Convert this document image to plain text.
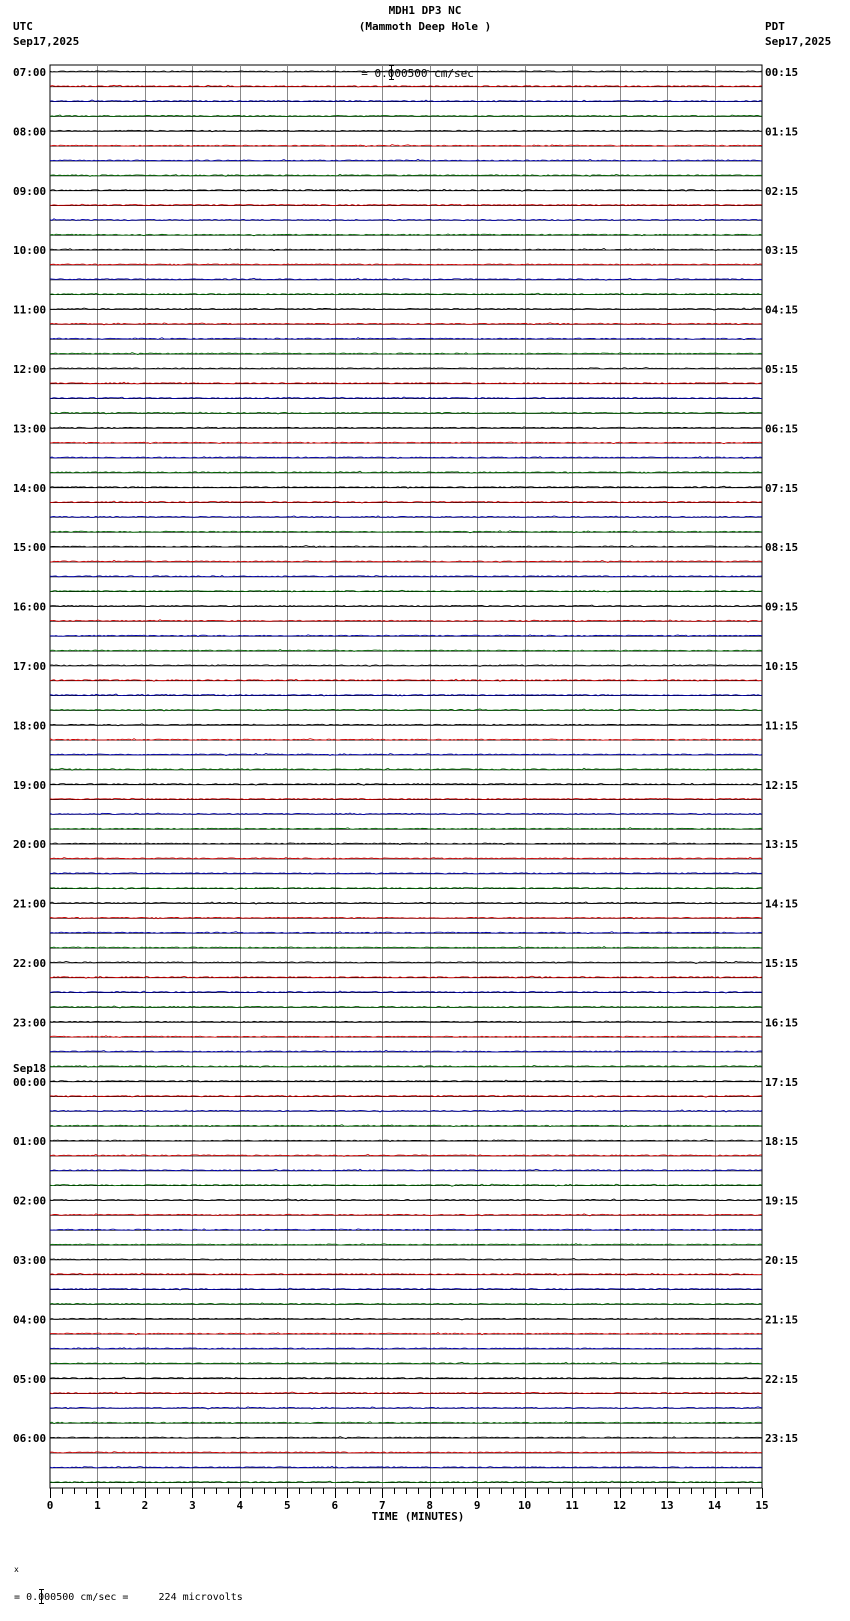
MDH1 DP3 NC
(Mammoth Deep Hole )
UTC
Sep17,2025
PDT
Sep17,2025

= 0.000500 cm/sec

07:00	00:15
08:00	01:15
09:00	02:15
10:00	03:15
11:00	04:15
12:00	05:15
13:00	06:15
14:00	07:15
15:00	08:15
16:00	09:15
17:00	10:15
18:00	11:15
19:00	12:15
20:00	13:15
21:00	14:15
22:00	15:15
23:00	16:15
00:00	17:15
01:00	18:15
02:00	19:15
03:00	20:15
04:00	21:15
05:00	22:15
06:00	23:15
Sep18
0	1	2	3	4	5	6	7	8	9	10	11	12	13	14	15
TIME (MINUTES)

x

= 0.000500 cm/sec =     224 microvolts
